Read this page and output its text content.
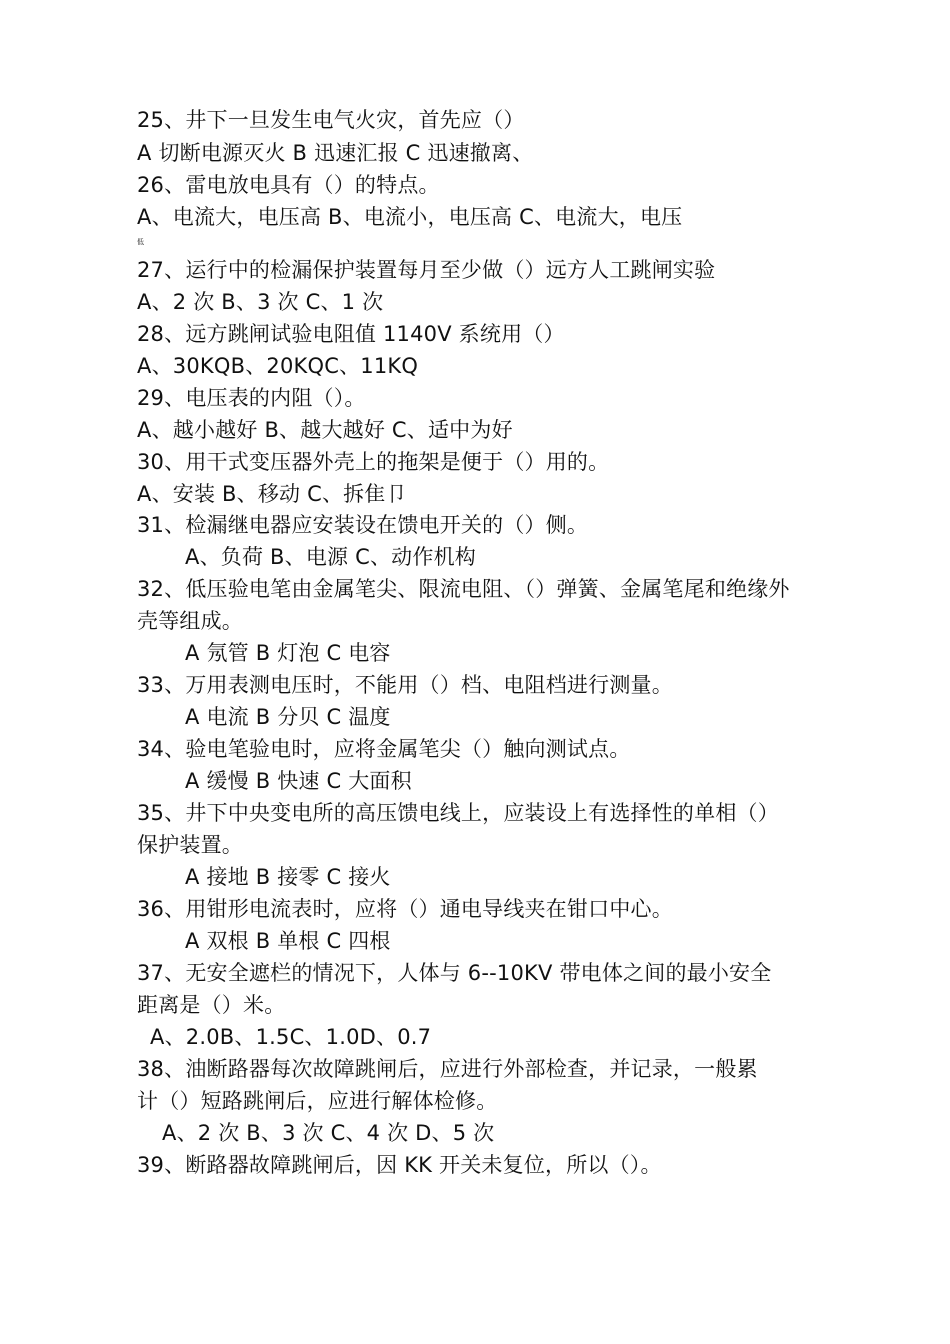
25、井下一旦发生电气火灾，首先应（）
A 切断电源灭火 B 迅速汇报 C 迅速撤离、
26、雷电放电具有（）的特点。
A、电流大，电压高 B、电流小，电压高 C、电流大，电压
低
27、运行中的检漏保护装置每月至少做（）远方人工跳闸实验
A、2 次 B、3 次 C、1 次
28、远方跳闸试验电阻值 1140V 系统用（）
A、30KQB、20KQC、11KQ
29、电压表的内阻（）。
A、越小越好 B、越大越好 C、适中为好
30、用干式变压器外壳上的拖架是便于（）用的。
A、安装 B、移动 C、拆隹卩
31、检漏继电器应安装设在馈电开关的（）侧。
A、负荷 B、电源 C、动作机构
32、低压验电笔由金属笔尖、限流电阻、（）弹簧、金属笔尾和绝缘外
壳等组成。
A 氖管 B 灯泡 C 电容
33、万用表测电压时，不能用（）档、电阻档进行测量。
A 电流 B 分贝 C 温度
34、验电笔验电时，应将金属笔尖（）触向测试点。
A 缓慢 B 快速 C 大面积
35、井下中央变电所的高压馈电线上，应装设上有选择性的单相（）
保护装置。
A 接地 B 接零 C 接火
36、用钳形电流表时，应将（）通电导线夹在钳口中心。
A 双根 B 单根 C 四根
37、无安全遮栏的情况下，人体与 6--10KV 带电体之间的最小安全
距离是（）米。
A、2.0B、1.5C、1.0D、0.7
38、油断路器每次故障跳闸后，应进行外部检查，并记录，一般累
计（）短路跳闸后，应进行解体检修。
A、2 次 B、3 次 C、4 次 D、5 次
39、断路器故障跳闸后，因 KK 开关未复位，所以（）。
